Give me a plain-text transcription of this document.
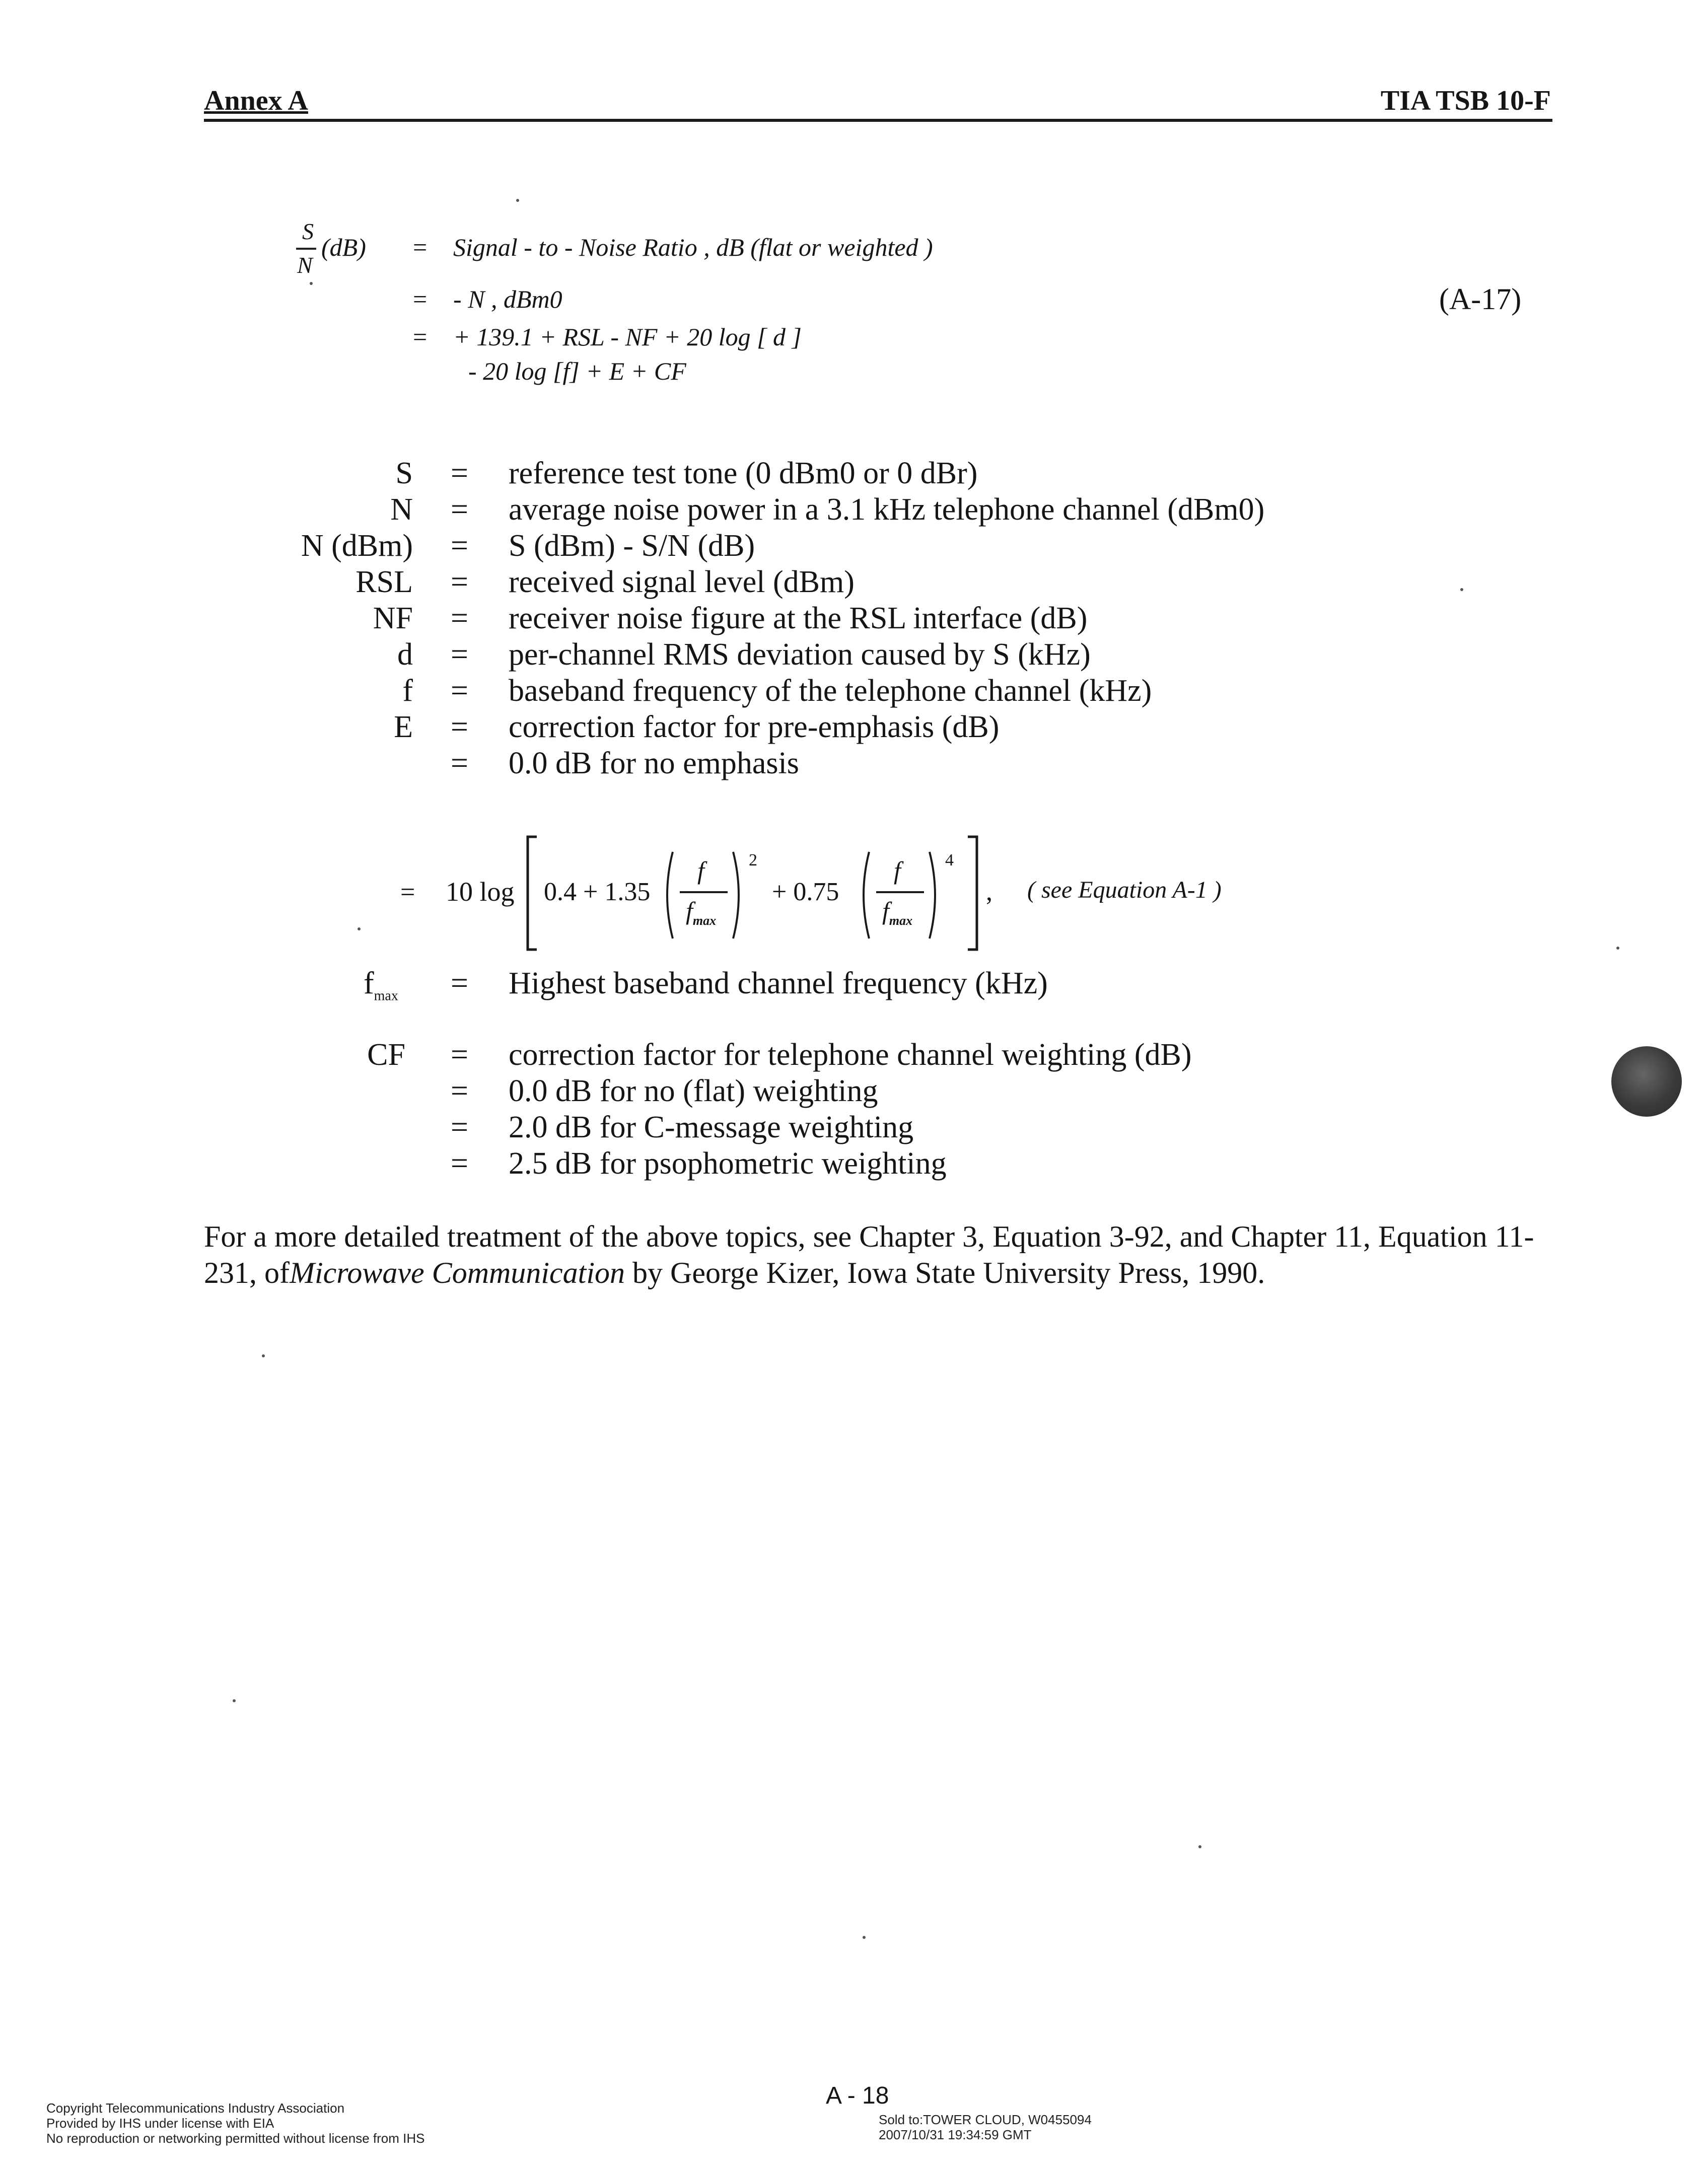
Annex A	TIA TSB 10-F
S
N
(dB) = Signal - to - Noise Ratio , dB (flat or weighted )
= - N , dBm0	(A-17)
= + 139.1 + RSL - NF + 20 log [ d ]
- 20 log [f] + E + CF
S = reference test tone (0 dBm0 or 0 dBr)
N = average noise power in a 3.1 kHz telephone channel (dBm0)
N (dBm) = S (dBm) - S/N (dB)
RSL = received signal level (dBm)
NF = receiver noise figure at the RSL interface (dB)
d = per-channel RMS deviation caused by S (kHz)
f = baseband frequency of the telephone channel (kHz)
E = correction factor for pre-emphasis (dB)
= 0.0 dB for no emphasis
= 10 log 0.4 + 1.35
f
$f_{max}$
2
+ 0.75
f
$f_{max}$
4
, ( see Equation A-1 )
$f_{max}$ = Highest baseband channel frequency (kHz)
CF = correction factor for telephone channel weighting (dB)
= 0.0 dB for no (flat) weighting
= 2.0 dB for C-message weighting
= 2.5 dB for psophometric weighting
For a more detailed treatment of the above topics, see Chapter 3, Equation 3-92, and Chapter 11, Equation 11-
231, ofMicrowave Communication by George Kizer, Iowa State University Press, 1990.
A - 18
Copyright Telecommunications Industry Association
Provided by IHS under license with EIA
No reproduction or networking permitted without license from IHS
Sold to:TOWER CLOUD, W0455094
2007/10/31 19:34:59 GMT
